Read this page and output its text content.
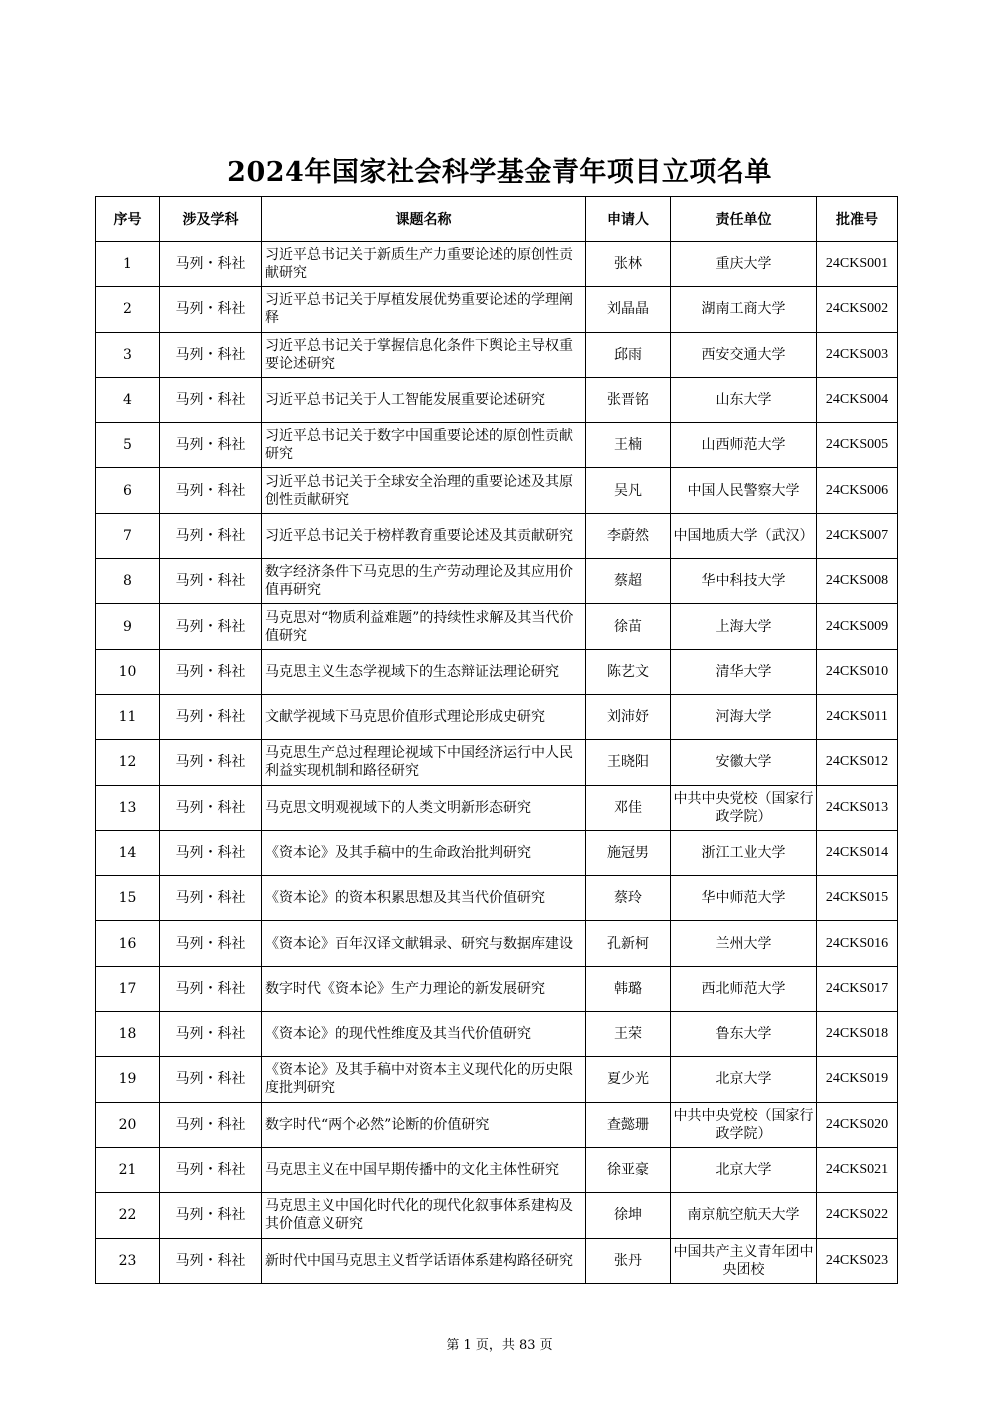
2024年国家社会科学基金青年项目立项名单
序号	涉及学科	课题名称	申请人	责任单位	批准号
1	马列・科社	习近平总书记关于新质生产力重要论述的原创性贡献研究	张林	重庆大学	24CKS001
2	马列・科社	习近平总书记关于厚植发展优势重要论述的学理阐释	刘晶晶	湖南工商大学	24CKS002
3	马列・科社	习近平总书记关于掌握信息化条件下舆论主导权重要论述研究	邱雨	西安交通大学	24CKS003
4	马列・科社	习近平总书记关于人工智能发展重要论述研究	张晋铭	山东大学	24CKS004
5	马列・科社	习近平总书记关于数字中国重要论述的原创性贡献研究	王楠	山西师范大学	24CKS005
6	马列・科社	习近平总书记关于全球安全治理的重要论述及其原创性贡献研究	吴凡	中国人民警察大学	24CKS006
7	马列・科社	习近平总书记关于榜样教育重要论述及其贡献研究	李蔚然	中国地质大学（武汉）	24CKS007
8	马列・科社	数字经济条件下马克思的生产劳动理论及其应用价值再研究	蔡超	华中科技大学	24CKS008
9	马列・科社	马克思对“物质利益难题”的持续性求解及其当代价值研究	徐苗	上海大学	24CKS009
10	马列・科社	马克思主义生态学视域下的生态辩证法理论研究	陈艺文	清华大学	24CKS010
11	马列・科社	文献学视域下马克思价值形式理论形成史研究	刘沛妤	河海大学	24CKS011
12	马列・科社	马克思生产总过程理论视域下中国经济运行中人民利益实现机制和路径研究	王晓阳	安徽大学	24CKS012
13	马列・科社	马克思文明观视域下的人类文明新形态研究	邓佳	中共中央党校（国家行政学院）	24CKS013
14	马列・科社	《资本论》及其手稿中的生命政治批判研究	施冠男	浙江工业大学	24CKS014
15	马列・科社	《资本论》的资本积累思想及其当代价值研究	蔡玲	华中师范大学	24CKS015
16	马列・科社	《资本论》百年汉译文献辑录、研究与数据库建设	孔新柯	兰州大学	24CKS016
17	马列・科社	数字时代《资本论》生产力理论的新发展研究	韩璐	西北师范大学	24CKS017
18	马列・科社	《资本论》的现代性维度及其当代价值研究	王荣	鲁东大学	24CKS018
19	马列・科社	《资本论》及其手稿中对资本主义现代化的历史限度批判研究	夏少光	北京大学	24CKS019
20	马列・科社	数字时代“两个必然”论断的价值研究	查懿珊	中共中央党校（国家行政学院）	24CKS020
21	马列・科社	马克思主义在中国早期传播中的文化主体性研究	徐亚豪	北京大学	24CKS021
22	马列・科社	马克思主义中国化时代化的现代化叙事体系建构及其价值意义研究	徐坤	南京航空航天大学	24CKS022
23	马列・科社	新时代中国马克思主义哲学话语体系建构路径研究	张丹	中国共产主义青年团中央团校	24CKS023
第 1 页，共 83 页
